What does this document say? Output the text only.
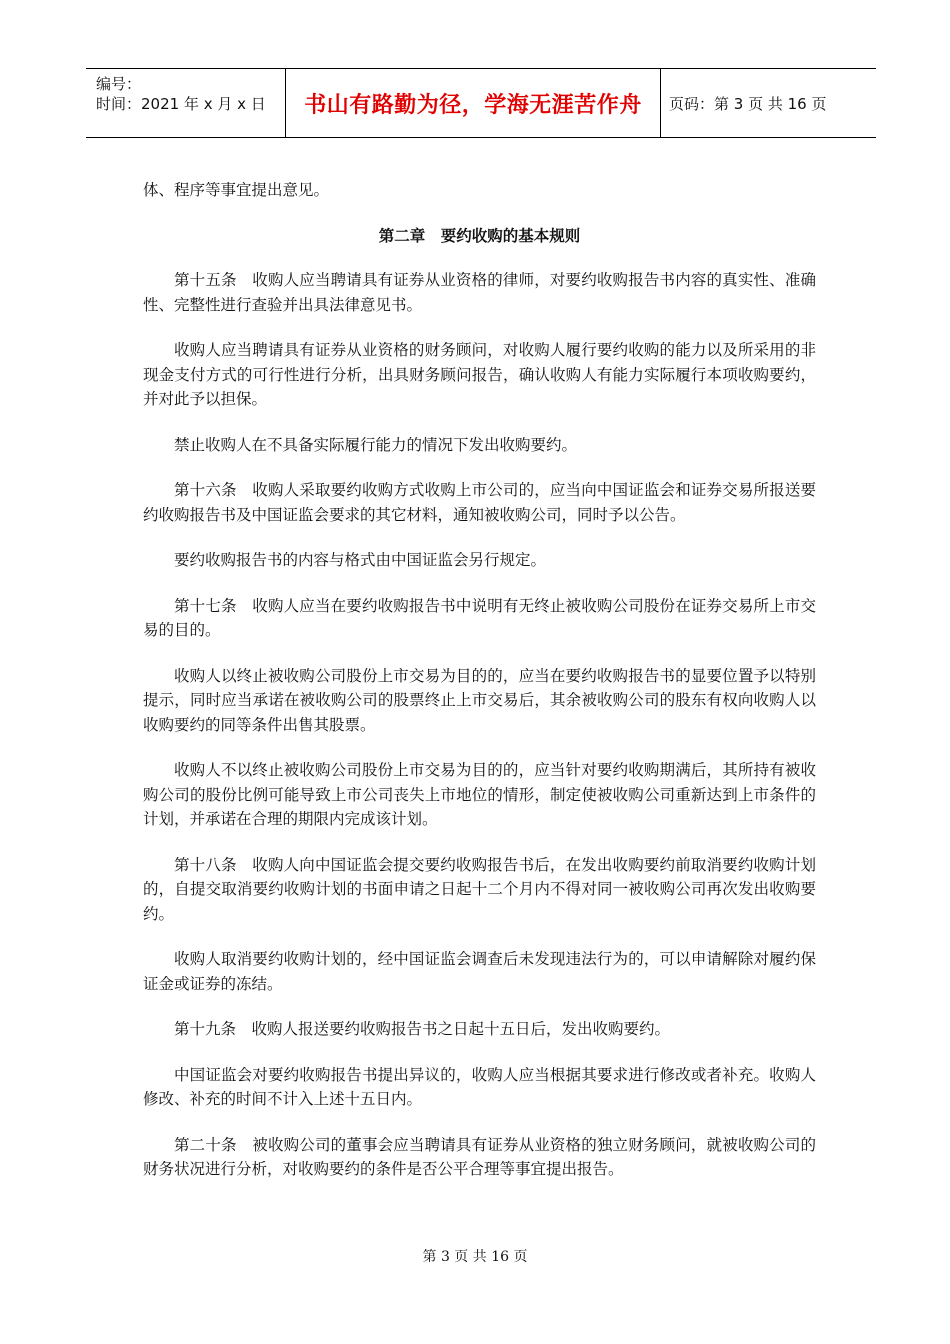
编号：
时间：2021 年 x 月 x 日	书山有路勤为径，学海无涯苦作舟	页码：第 3 页 共 16 页

体、程序等事宜提出意见。

第二章　要约收购的基本规则

第十五条　收购人应当聘请具有证券从业资格的律师，对要约收购报告书内容的真实性、准确性、完整性进行查验并出具法律意见书。

收购人应当聘请具有证券从业资格的财务顾问，对收购人履行要约收购的能力以及所采用的非现金支付方式的可行性进行分析，出具财务顾问报告，确认收购人有能力实际履行本项收购要约，并对此予以担保。

禁止收购人在不具备实际履行能力的情况下发出收购要约。

第十六条　收购人采取要约收购方式收购上市公司的，应当向中国证监会和证券交易所报送要约收购报告书及中国证监会要求的其它材料，通知被收购公司，同时予以公告。

要约收购报告书的内容与格式由中国证监会另行规定。

第十七条　收购人应当在要约收购报告书中说明有无终止被收购公司股份在证券交易所上市交易的目的。

收购人以终止被收购公司股份上市交易为目的的，应当在要约收购报告书的显要位置予以特别提示，同时应当承诺在被收购公司的股票终止上市交易后，其余被收购公司的股东有权向收购人以收购要约的同等条件出售其股票。

收购人不以终止被收购公司股份上市交易为目的的，应当针对要约收购期满后，其所持有被收购公司的股份比例可能导致上市公司丧失上市地位的情形，制定使被收购公司重新达到上市条件的计划，并承诺在合理的期限内完成该计划。

第十八条　收购人向中国证监会提交要约收购报告书后，在发出收购要约前取消要约收购计划的，自提交取消要约收购计划的书面申请之日起十二个月内不得对同一被收购公司再次发出收购要约。

收购人取消要约收购计划的，经中国证监会调查后未发现违法行为的，可以申请解除对履约保证金或证券的冻结。

第十九条　收购人报送要约收购报告书之日起十五日后，发出收购要约。

中国证监会对要约收购报告书提出异议的，收购人应当根据其要求进行修改或者补充。收购人修改、补充的时间不计入上述十五日内。

第二十条　被收购公司的董事会应当聘请具有证券从业资格的独立财务顾问，就被收购公司的财务状况进行分析，对收购要约的条件是否公平合理等事宜提出报告。

第 3 页 共 16 页
